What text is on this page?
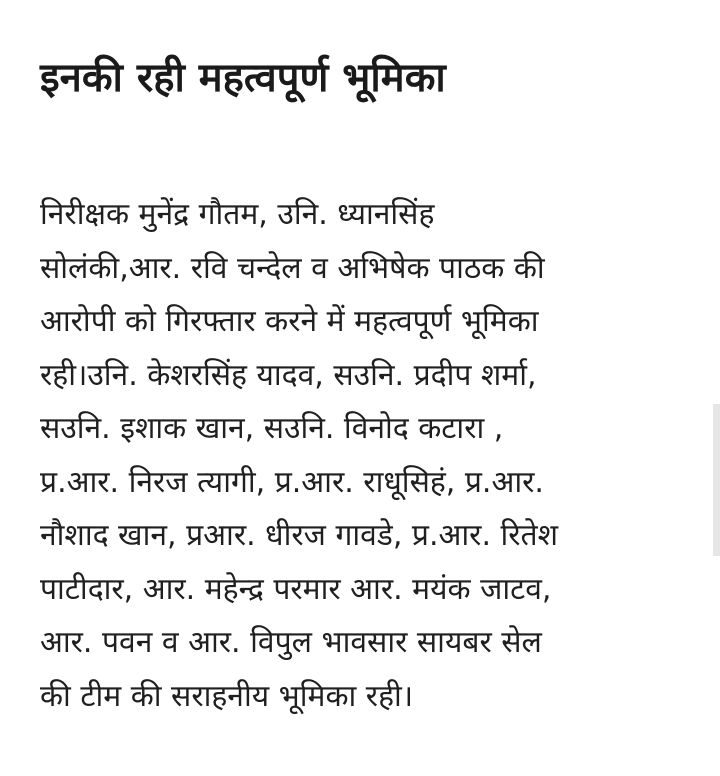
इनकी रही महत्वपूर्ण भूमिका
निरीक्षक मुनेंद्र गौतम, उनि. ध्यानसिंह
सोलंकी,आर. रवि चन्देल व अभिषेक पाठक की
आरोपी को गिरफ्तार करने में महत्वपूर्ण भूमिका
रही।उनि. केशरसिंह यादव, सउनि. प्रदीप शर्मा,
सउनि. इशाक खान, सउनि. विनोद कटारा ,
प्र.आर. निरज त्यागी, प्र.आर. राधूसिहं, प्र.आर.
नौशाद खान, प्रआर. धीरज गावडे, प्र.आर. रितेश
पाटीदार, आर. महेन्द्र परमार आर. मयंक जाटव,
आर. पवन व आर. विपुल भावसार सायबर सेल
की टीम की सराहनीय भूमिका रही।
